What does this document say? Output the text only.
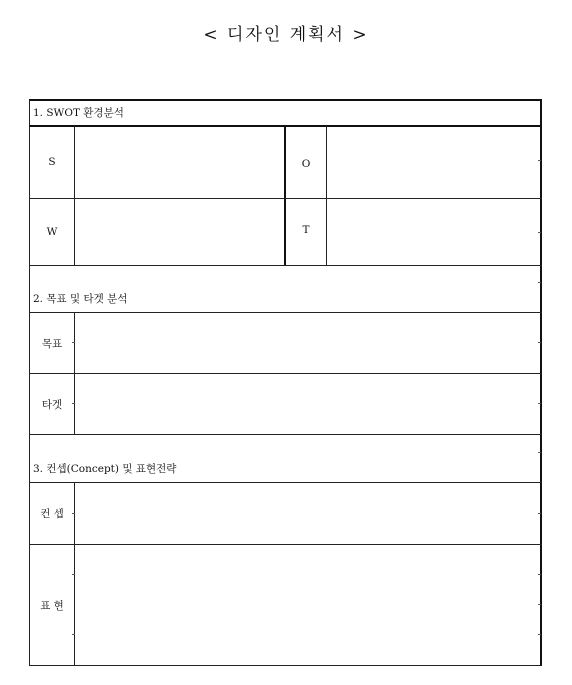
< 디자인 계획서 >
1. SWOT 환경분석
S	O
W	T
2. 목표 및 타겟 분석
목표
타겟
3. 컨셉(Concept) 및 표현전략
컨 셉
표 현
